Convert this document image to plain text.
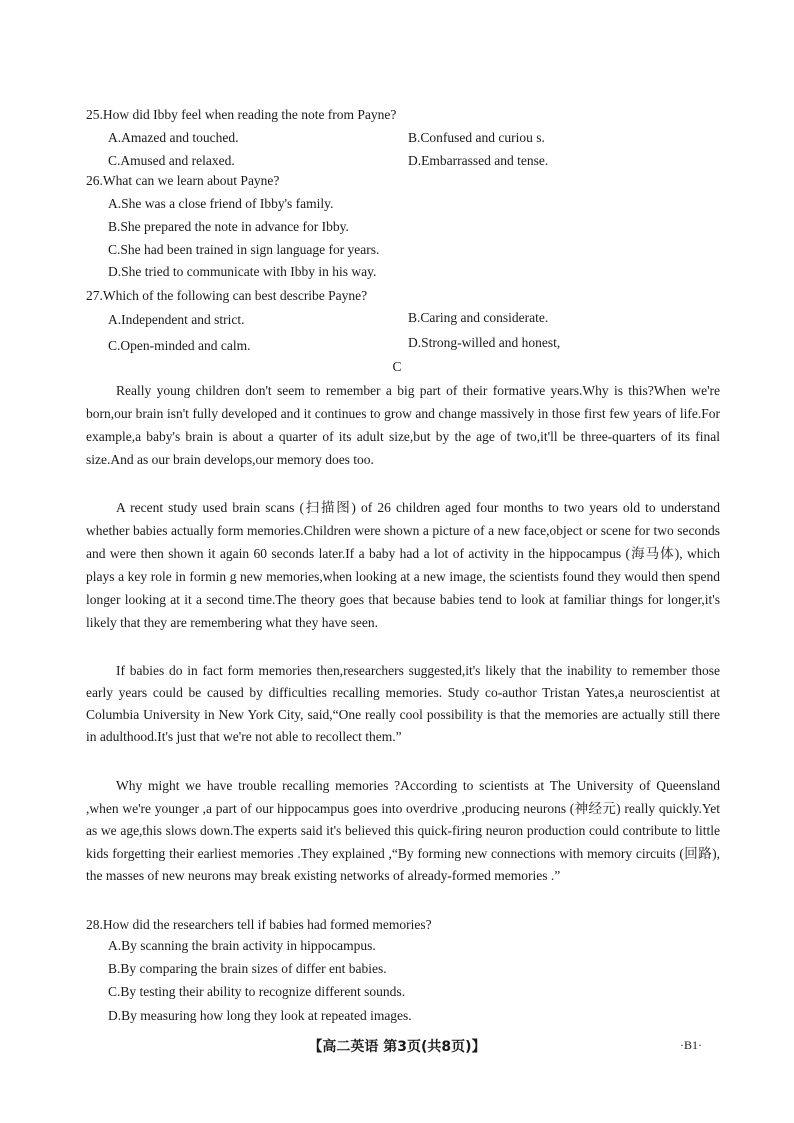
25.How did Ibby feel when reading the note from Payne?
A.Amazed and touched.	B.Confused and curiou s.
C.Amused and relaxed.	D.Embarrassed and tense.
26.What can we learn about Payne?
A.She was a close friend of Ibby's family.
B.She prepared the note in advance for Ibby.
C.She had been trained in sign language for years.
D.She tried to communicate with Ibby in his way.
27.Which of the following can best describe Payne?
A.Independent and strict.	B.Caring and considerate.
C.Open-minded and calm.	D.Strong-willed and honest,
C

Really young children don't seem to remember a big part of their formative years.Why is this?When we're born,our brain isn't fully developed and it continues to grow and change massively in those first few years of life.For example,a baby's brain is about a quarter of its adult size,but by the age of two,it'll be three-quarters of its final size.And as our brain develops,our memory does too.

A recent study used brain scans (扫描图) of 26 children aged four months to two years old to understand whether babies actually form memories.Children were shown a picture of a new face,object or scene for two seconds and were then shown it again 60 seconds later.If a baby had a lot of activity in the hippocampus (海马体), which plays a key role in formin g new memories,when looking at a new image, the scientists found they would then spend longer looking at it a second time.The theory goes that because babies tend to look at familiar things for longer,it's likely that they are remembering what they have seen.

If babies do in fact form memories then,researchers suggested,it's likely that the inability to remember those early years could be caused by difficulties recalling memories. Study co-author Tristan Yates,a neuroscientist at Columbia University in New York City, said,“One really cool possibility is that the memories are actually still there in adulthood.It's just that we're not able to recollect them.”

Why might we have trouble recalling memories ?According to scientists at The University of Queensland ,when we're younger ,a part of our hippocampus goes into overdrive ,producing neurons (神经元) really quickly.Yet as we age,this slows down.The experts said it's believed this quick-firing neuron production could contribute to little kids forgetting their earliest memories .They explained ,“By forming new connections with memory circuits (回路), the masses of new neurons may break existing networks of already-formed memories .”

28.How did the researchers tell if babies had formed memories?
A.By scanning the brain activity in hippocampus.
B.By comparing the brain sizes of differ ent babies.
C.By testing their ability to recognize different sounds.
D.By measuring how long they look at repeated images.
【高二英语 第3页(共8页)】	·B1·
